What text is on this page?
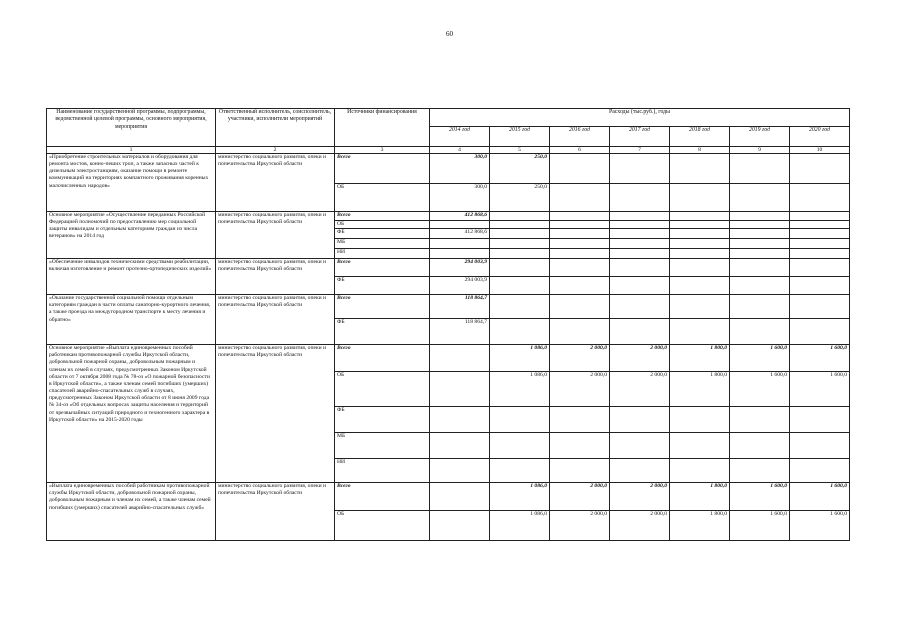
60
Наименование государственной программы, подпрограммы, ведомственной целевой программы, основного мероприятия, мероприятия	Ответственный исполнитель, соисполнитель, участники, исполнители мероприятий	Источники финансирования	Расходы (тыс.руб.), годы						
			2014 год	2015 год	2016 год	2017 год	2018 год	2019 год	2020 год
1	2	3	4	5	6	7	8	9	10
«Приобретение строительных материалов и оборудования для ремонта мостов, конно-пеших троп, а также запасных частей к дизельным электростанциям, оказание помощи в ремонте коммуникаций на территориях компактного проживания коренных малочисленных народов»	министерство социального развития, опеки и попечительства Иркутской области	Всего	300,0	250,0					
		ОБ	300,0	250,0					
Основное мероприятие «Осуществление переданных Российской Федерацией полномочий по предоставлению мер социальной защиты инвалидам и отдельным категориям граждан из числа ветеранов» на 2014 год	министерство социального развития, опеки и попечительства Иркутской области	Всего	412 868,6						
		ОБ							
		ФБ	412 868,6						
		МБ							
		НИ							
«Обеспечение инвалидов техническими средствами реабилитации, включая изготовление и ремонт протезно-ортопедических изделий»	министерство социального развития, опеки и попечительства Иркутской области	Всего	294 003,9						
		ФБ	294 003,9						
«Оказание государственной социальной помощи отдельным категориям граждан в части оплаты санаторно-курортного лечения, а также проезда на междугородном транспорте к месту лечения и обратно»	министерство социального развития, опеки и попечительства Иркутской области	Всего	118 864,7						
		ФБ	118 864,7						
Основное мероприятие «Выплата единовременных пособий работникам противопожарной службы Иркутской области, добровольной пожарной охраны, добровольным пожарным и членам их семей в случаях, предусмотренных Законом Иркутской области от 7 октября 2008 года № 78-оз «О пожарной безопасности в Иркутской области», а также членам семей погибших (умерших) спасателей аварийно-спасательных служб в случаях, предусмотренных Законом Иркутской области от 8 июня 2009 года № 34-оз «Об отдельных вопросах защиты населения и территорий от чрезвычайных ситуаций природного и техногенного характера в Иркутской области» на 2015-2020 годы	министерство социального развития, опеки и попечительства Иркутской области	Всего		1 086,0	2 000,0	2 000,0	1 800,0	1 600,0	1 600,0
		ОБ		1 086,0	2 000,0	2 000,0	1 800,0	1 600,0	1 600,0
		ФБ							
		МБ							
		НИ							
«Выплата единовременных пособий работникам противопожарной службы Иркутской области, добровольной пожарной охраны, добровольным пожарным и членам их семей, а также членам семей погибших (умерших) спасателей аварийно-спасательных служб»	министерство социального развития, опеки и попечительства Иркутской области	Всего		1 086,0	2 000,0	2 000,0	1 800,0	1 600,0	1 600,0
		ОБ		1 086,0	2 000,0	2 000,0	1 800,0	1 600,0	1 600,0
